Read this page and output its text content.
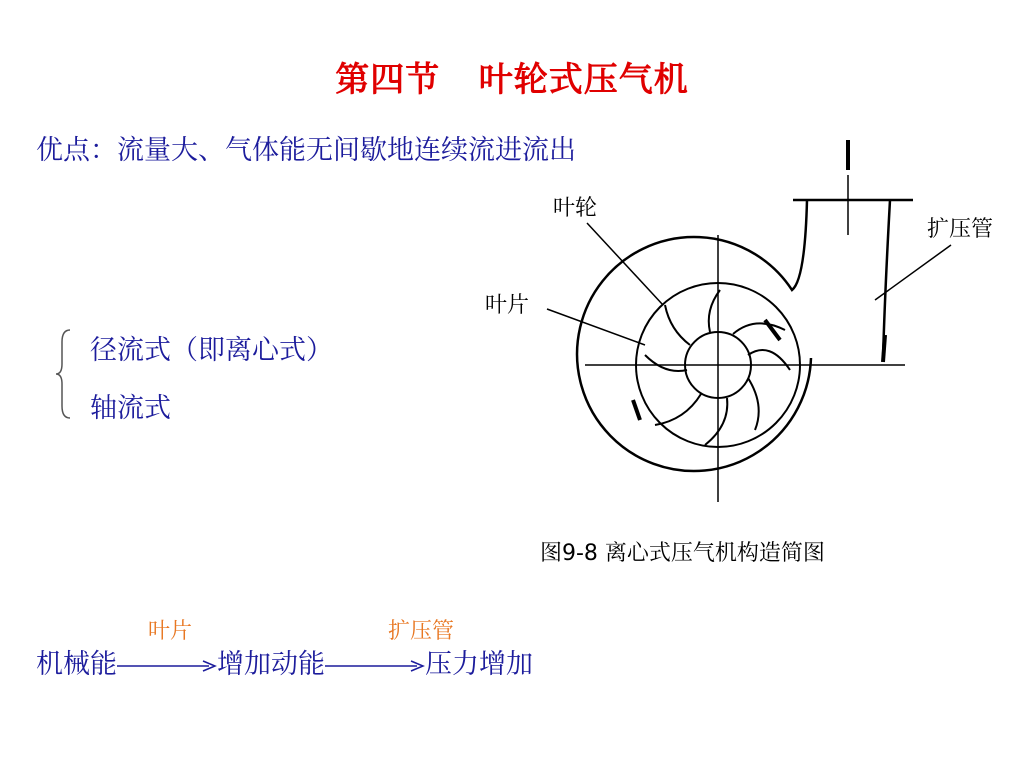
第四节   叶轮式压气机
优点：流量大、气体能无间歇地连续流进流出
径流式（即离心式）
轴流式
叶轮
叶片
扩压管
图9-8 离心式压气机构造简图
叶片	扩压管
机械能	增加动能	压力增加
